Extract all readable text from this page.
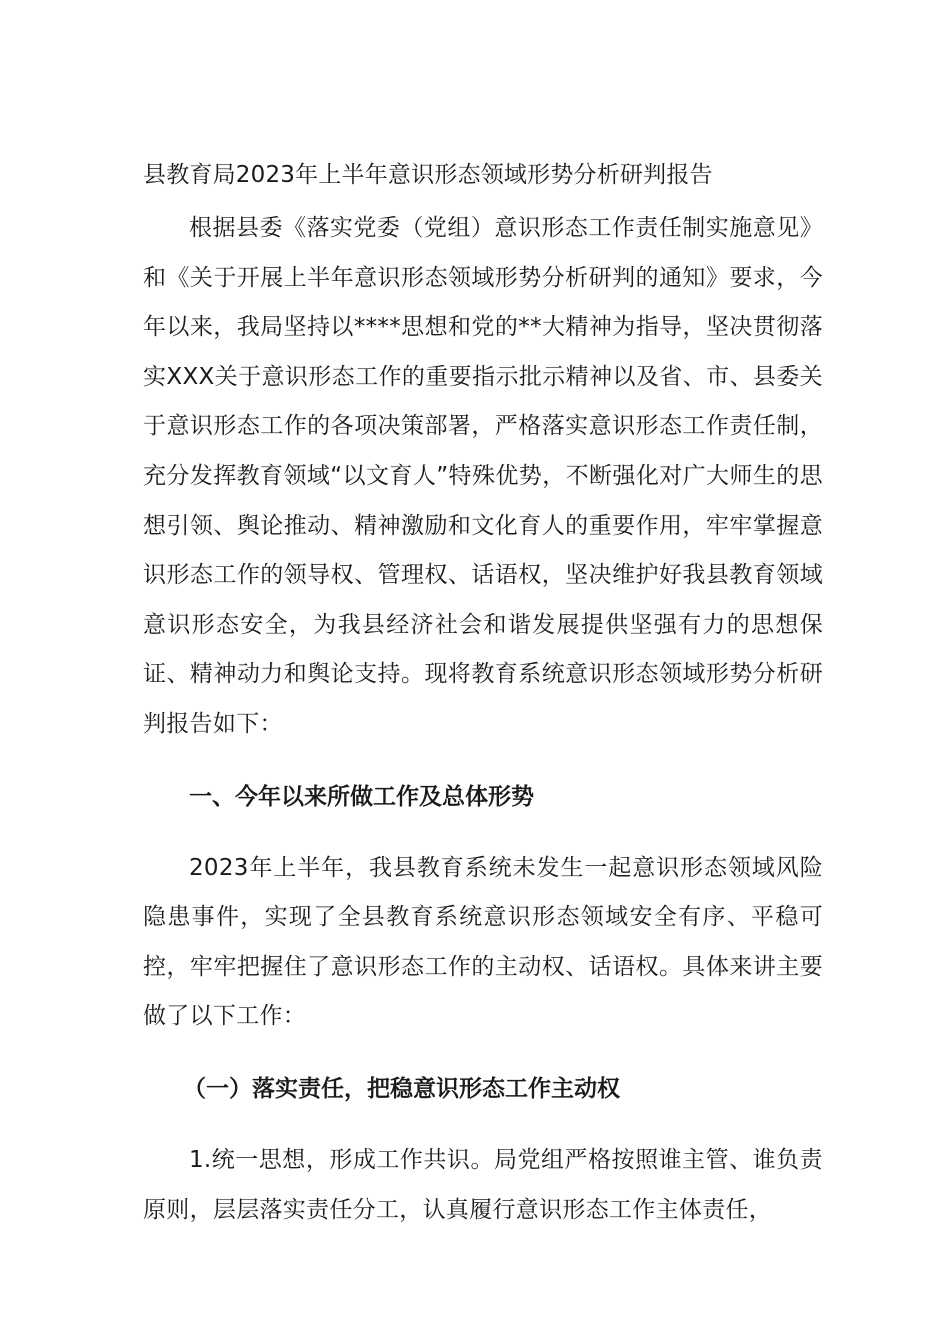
县教育局2023年上半年意识形态领域形势分析研判报告

根据县委《落实党委（党组）意识形态工作责任制实施意见》和《关于开展上半年意识形态领域形势分析研判的通知》要求，今年以来，我局坚持以****思想和党的**大精神为指导，坚决贯彻落实XXX关于意识形态工作的重要指示批示精神以及省、市、县委关于意识形态工作的各项决策部署，严格落实意识形态工作责任制，充分发挥教育领域“以文育人”特殊优势，不断强化对广大师生的思想引领、舆论推动、精神激励和文化育人的重要作用，牢牢掌握意识形态工作的领导权、管理权、话语权，坚决维护好我县教育领域意识形态安全，为我县经济社会和谐发展提供坚强有力的思想保证、精神动力和舆论支持。现将教育系统意识形态领域形势分析研判报告如下：

一、今年以来所做工作及总体形势

2023年上半年，我县教育系统未发生一起意识形态领域风险隐患事件，实现了全县教育系统意识形态领域安全有序、平稳可控，牢牢把握住了意识形态工作的主动权、话语权。具体来讲主要做了以下工作：

（一）落实责任，把稳意识形态工作主动权

1.统一思想，形成工作共识。局党组严格按照谁主管、谁负责原则，层层落实责任分工，认真履行意识形态工作主体责任，
